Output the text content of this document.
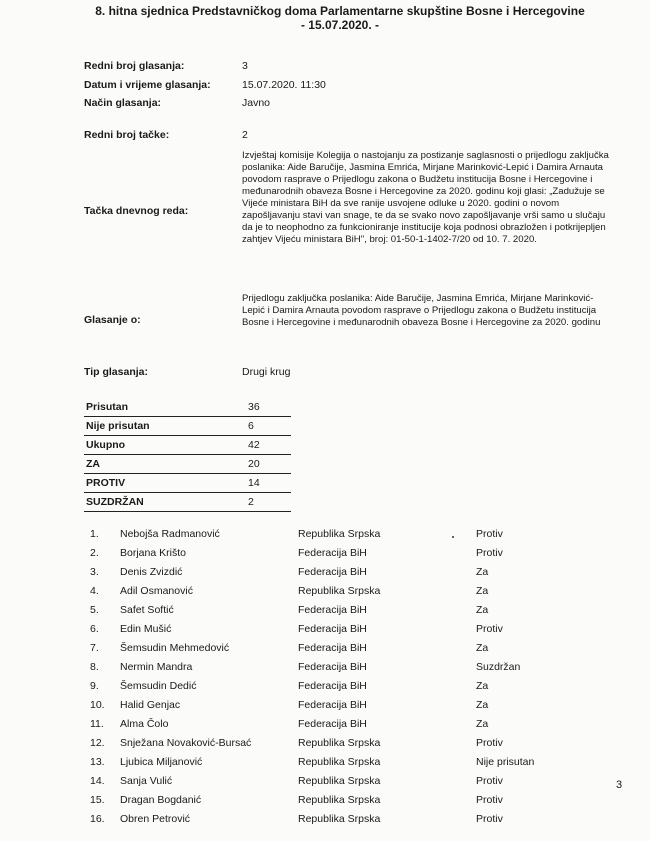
8. hitna sjednica Predstavničkog doma Parlamentarne skupštine Bosne i Hercegovine
- 15.07.2020. -
Redni broj glasanja:	3
Datum i vrijeme glasanja:	15.07.2020. 11:30
Način glasanja:	Javno
Redni broj tačke:	2
Tačka dnevnog reda:
Izvještaj komisije Kolegija o nastojanju za postizanje saglasnosti o prijedlogu zaključka poslanika: Aide Baručije, Jasmina Emrića, Mirjane Marinković-Lepić i Damira Arnauta povodom rasprave o Prijedlogu zakona o Budžetu institucija Bosne i Hercegovine i međunarodnih obaveza Bosne i Hercegovine za 2020. godinu koji glasi: „Zadužuje se Vijeće ministara BiH da sve ranije usvojene odluke u 2020. godini o novom zapošljavanju stavi van snage, te da se svako novo zapošljavanje vrši samo u slučaju da je to neophodno za funkcioniranje institucije koja podnosi obrazložen i potkrijepljen zahtjev Vijeću ministara BiH", broj: 01-50-1-1402-7/20 od 10. 7. 2020.
Glasanje o:
Prijedlogu zaključka poslanika: Aide Baručije, Jasmina Emrića, Mirjane Marinković-Lepić i Damira Arnauta povodom rasprave o Prijedlogu zakona o Budžetu institucija Bosne i Hercegovine i međunarodnih obaveza Bosne i Hercegovine za 2020. godinu
Tip glasanja:	Drugi krug
Prisutan	36
Nije prisutan	6
Ukupno	42
ZA	20
PROTIV	14
SUZDRŽAN	2
1. Nebojša Radmanović	Republika Srpska	Protiv
2. Borjana Krišto	Federacija BiH	Protiv
3. Denis Zvizdić	Federacija BiH	Za
4. Adil Osmanović	Republika Srpska	Za
5. Safet Softić	Federacija BiH	Za
6. Edin Mušić	Federacija BiH	Protiv
7. Šemsudin Mehmedović	Federacija BiH	Za
8. Nermin Mandra	Federacija BiH	Suzdržan
9. Šemsudin Dedić	Federacija BiH	Za
10. Halid Genjac	Federacija BiH	Za
11. Alma Čolo	Federacija BiH	Za
12. Snježana Novaković-Bursać	Republika Srpska	Protiv
13. Ljubica Miljanović	Republika Srpska	Nije prisutan
14. Sanja Vulić	Republika Srpska	Protiv
15. Dragan Bogdanić	Republika Srpska	Protiv
16. Obren Petrović	Republika Srpska	Protiv
3
